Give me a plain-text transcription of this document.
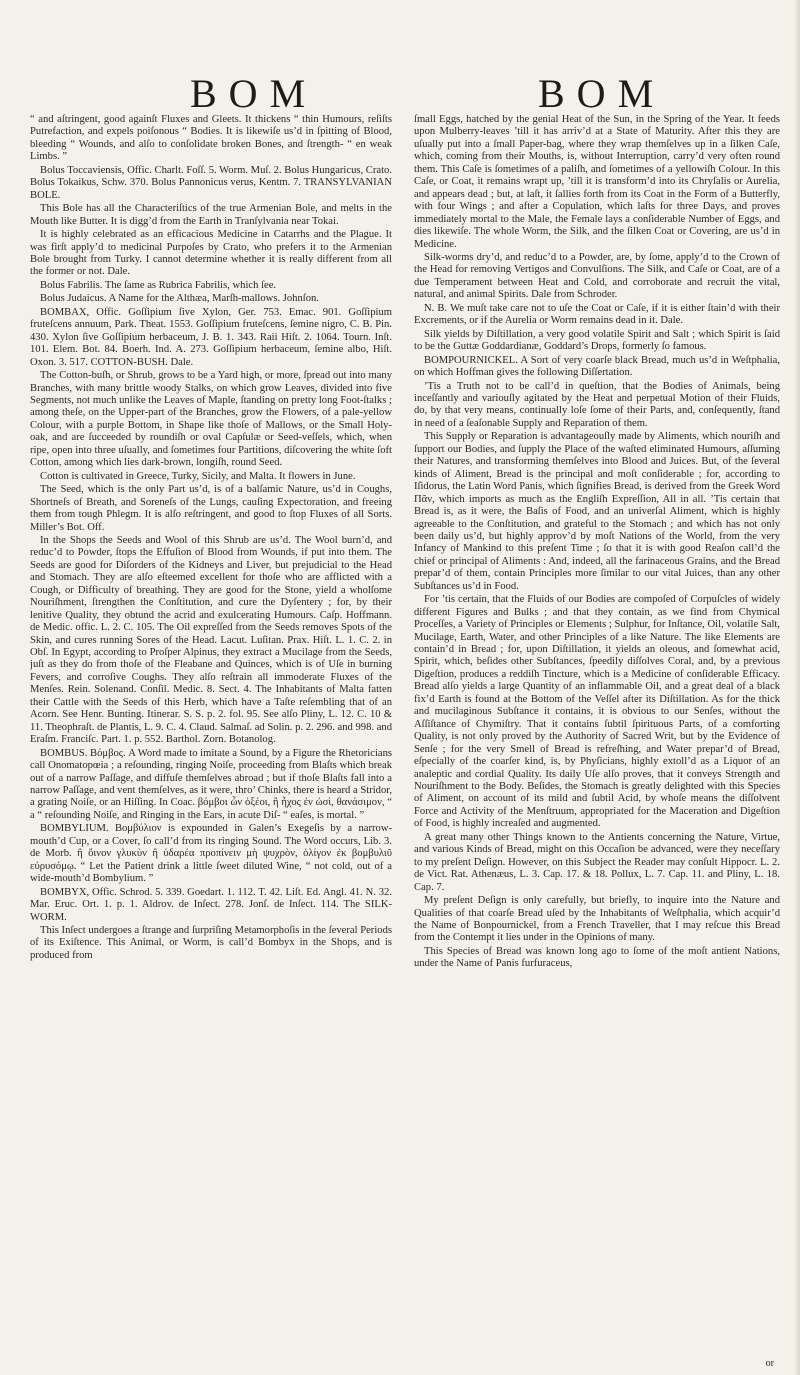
BOM	BOM

“ and aſtringent, good againſt Fluxes and Gleets. It thickens “ thin Humours, reſiſts Putrefaction, and expels poiſonous “ Bodies. It is likewiſe us’d in ſpitting of Blood, bleeding “ Wounds, and alſo to conſolidate broken Bones, and ſtrength- “ en weak Limbs. ”

Bolus Toccaviensis, Offic. Charlt. Foſſ. 5. Worm. Muſ. 2. Bolus Hungaricus, Crato. Bolus Tokaikus, Schw. 370. Bolus Pannonicus verus, Kentm. 7. TRANSYLVANIAN BOLE.

This Bole has all the Characteriſtics of the true Armenian Bole, and melts in the Mouth like Butter. It is digg’d from the Earth in Tranſylvania near Tokai.

It is highly celebrated as an efficacious Medicine in Catarrhs and the Plague. It was firſt apply’d to medicinal Purpoſes by Crato, who prefers it to the Armenian Bole brought from Turky. I cannot determine whether it is really different from all the former or not. Dale.

Bolus Fabrilis. The ſame as Rubrica Fabrilis, which ſee.

Bolus Judaicus. A Name for the Althæa, Marſh-mallows. Johnſon.

BOMBAX, Offic. Goſſipium ſive Xylon, Ger. 753. Emac. 901. Goſſipium fruteſcens annuum, Park. Theat. 1553. Goſſipium fruteſcens, ſemine nigro, C. B. Pin. 430. Xylon ſive Goſſipium herbaceum, J. B. 1. 343. Raii Hiſt. 2. 1064. Tourn. Inſt. 101. Elem. Bot. 84. Boerh. Ind. A. 273. Goſſipium herbaceum, ſemine albo, Hiſt. Oxon. 3. 517. COTTON-BUSH. Dale.

The Cotton-buſh, or Shrub, grows to be a Yard high, or more, ſpread out into many Branches, with many brittle woody Stalks, on which grow Leaves, divided into five Segments, not much unlike the Leaves of Maple, ſtanding on pretty long Foot-ſtalks ; among theſe, on the Upper-part of the Branches, grow the Flowers, of a pale-yellow Colour, with a purple Bottom, in Shape like thoſe of Mallows, or the Small Holy-oak, and are ſucceeded by roundiſh or oval Capſulæ or Seed-veſſels, which, when ripe, open into three uſually, and ſometimes four Partitions, diſcovering the white ſoft Cotton, among which lies dark-brown, longiſh, round Seed.

Cotton is cultivated in Greece, Turky, Sicily, and Malta. It flowers in June.

The Seed, which is the only Part us’d, is of a balſamic Nature, us’d in Coughs, Shortneſs of Breath, and Soreneſs of the Lungs, cauſing Expectoration, and freeing them from tough Phlegm. It is alſo reſtringent, and good to ſtop Fluxes of all Sorts. Miller’s Bot. Off.

In the Shops the Seeds and Wool of this Shrub are us’d. The Wool burn’d, and reduc’d to Powder, ſtops the Effuſion of Blood from Wounds, if put into them. The Seeds are good for Diſorders of the Kidneys and Liver, but prejudicial to the Head and Stomach. They are alſo eſteemed excellent for thoſe who are afflicted with a Cough, or Difficulty of breathing. They are good for the Stone, yield a wholſome Nouriſhment, ſtrengthen the Conſtitution, and cure the Dyſentery ; for, by their lenitive Quality, they obtund the acrid and exulcerating Humours. Caſp. Hoffmann. de Medic. offic. L. 2. C. 105. The Oil expreſſed from the Seeds removes Spots of the Skin, and cures running Sores of the Head. Lacut. Luſitan. Prax. Hiſt. L. 1. C. 2. in Obſ. In Egypt, according to Proſper Alpinus, they extract a Mucilage from the Seeds, juſt as they do from thoſe of the Fleabane and Quinces, which is of Uſe in burning Fevers, and corroſive Coughs. They alſo reſtrain all immoderate Fluxes of the Menſes. Rein. Solenand. Conſil. Medic. 8. Sect. 4. The Inhabitants of Malta fatten their Cattle with the Seeds of this Herb, which have a Taſte reſembling that of an Acorn. See Henr. Bunting. Itinerar. S. S. p. 2. fol. 95. See alſo Pliny, L. 12. C. 10 & 11. Theophraſt. de Plantis, L. 9. C. 4. Claud. Salmaſ. ad Solin. p. 2. 296. and 998. and Eraſm. Franciſc. Part. 1. p. 552. Barthol. Zorn. Botanolog.

BOMBUS. Βόμβος. A Word made to imitate a Sound, by a Figure the Rhetoricians call Onomatopœia ; a reſounding, ringing Noiſe, proceeding from Blaſts which break out of a narrow Paſſage, and diffuſe themſelves abroad ; but if thoſe Blaſts fall into a narrow Paſſage, and vent themſelves, as it were, thro’ Chinks, there is heard a Stridor, a grating Noiſe, or an Hiſſing. In Coac. βόμβοι ὦν ὀξέοι, ἢ ἦχος ἐν ὠσὶ, θανάσιμον, “ a “ reſounding Noiſe, and Ringing in the Ears, in acute Diſ- “ eaſes, is mortal. ”

BOMBYLIUM. Βομβύλιον is expounded in Galen’s Exegeſis by a narrow-mouth’d Cup, or a Cover, ſo call’d from its ringing Sound. The Word occurs, Lib. 3. de Morb. ἢ ὄινον γλυκὺν ἢ ὑδαρέα προπίνειν μὴ ψυχρὸν, ὀλίγον ἐκ βομβυλιῦ εὐρυσόμῳ. “ Let the Patient drink a little ſweet diluted Wine, “ not cold, out of a wide-mouth’d Bombylium. ”

BOMBYX, Offic. Schrod. 5. 339. Goedart. 1. 112. T. 42. Liſt. Ed. Angl. 41. N. 32. Mar. Eruc. Ort. 1. p. 1. Aldrov. de Inſect. 278. Jonſ. de Inſect. 114. The SILK-WORM.

This Inſect undergoes a ſtrange and ſurpriſing Metamorphoſis in the ſeveral Periods of its Exiſtence. This Animal, or Worm, is call’d Bombyx in the Shops, and is produced from

ſmall Eggs, hatched by the genial Heat of the Sun, in the Spring of the Year. It feeds upon Mulberry-leaves ’till it has arriv’d at a State of Maturity. After this they are uſually put into a ſmall Paper-bag, where they wrap themſelves up in a ſilken Caſe, which, coming from their Mouths, is, without Interruption, carry’d very often round them. This Caſe is ſometimes of a paliſh, and ſometimes of a yellowiſh Colour. In this Caſe, or Coat, it remains wrapt up, ’till it is transform’d into its Chryſalis or Aurelia, and appears dead ; but, at laſt, it ſallies forth from its Coat in the Form of a Butterfly, with four Wings ; and after a Copulation, which laſts for three Days, and proves immediately mortal to the Male, the Female lays a conſiderable Number of Eggs, and dies likewiſe. The whole Worm, the Silk, and the ſilken Coat or Covering, are us’d in Medicine.

Silk-worms dry’d, and reduc’d to a Powder, are, by ſome, apply’d to the Crown of the Head for removing Vertigos and Convulſions. The Silk, and Caſe or Coat, are of a due Temperament between Heat and Cold, and corroborate and recruit the vital, natural, and animal Spirits. Dale from Schroder.

N. B. We muſt take care not to uſe the Coat or Caſe, if it is either ſtain’d with their Excrements, or if the Aurelia or Worm remains dead in it. Dale.

Silk yields by Diſtillation, a very good volatile Spirit and Salt ; which Spirit is ſaid to be the Guttæ Goddardianæ, Goddard’s Drops, formerly ſo famous.

BOMPOURNICKEL. A Sort of very coarſe black Bread, much us’d in Weſtphalia, on which Hoffman gives the following Diſſertation.

’Tis a Truth not to be call’d in queſtion, that the Bodies of Animals, being inceſſantly and variouſly agitated by the Heat and perpetual Motion of their Fluids, do, by that very means, continually loſe ſome of their Parts, and, conſequently, ſtand in need of a ſeaſonable Supply and Reparation of them.

This Supply or Reparation is advantageouſly made by Aliments, which nouriſh and ſupport our Bodies, and ſupply the Place of the waſted eliminated Humours, aſſuming their Natures, and transforming themſelves into Blood and Juices. But, of the ſeveral kinds of Aliment, Bread is the principal and moſt conſiderable ; for, according to Iſidorus, the Latin Word Panis, which ſignifies Bread, is derived from the Greek Word Πᾶν, which imports as much as the Engliſh Expreſſion, All in all. ’Tis certain that Bread is, as it were, the Baſis of Food, and an univerſal Aliment, which is highly agreeable to the Conſtitution, and grateful to the Stomach ; and which has not only been daily us’d, but highly approv’d by moſt Nations of the World, from the very Infancy of Mankind to this preſent Time ; ſo that it is with good Reaſon call’d the chief or principal of Aliments : And, indeed, all the farinaceous Grains, and the Bread prepar’d of them, contain Principles more ſimilar to our vital Juices, than any other Subſtances us’d in Food.

For ’tis certain, that the Fluids of our Bodies are compoſed of Corpuſcles of widely different Figures and Bulks ; and that they contain, as we find from Chymical Proceſſes, a Variety of Principles or Elements ; Sulphur, for Inſtance, Oil, volatile Salt, Mucilage, Earth, Water, and other Principles of a like Nature. The like Elements are contain’d in Bread ; for, upon Diſtillation, it yields an oleous, and ſomewhat acid, Spirit, which, beſides other Subſtances, ſpeedily diſſolves Coral, and, by a previous Digeſtion, produces a reddiſh Tincture, which is a Medicine of conſiderable Efficacy. Bread alſo yields a large Quantity of an inflammable Oil, and a great deal of a black fix’d Earth is found at the Bottom of the Veſſel after its Diſtillation. As for the thick and mucilaginous Subſtance it contains, it is obvious to our Senſes, without the Aſſiſtance of Chymiſtry. That it contains ſubtil ſpirituous Parts, of a comforting Quality, is not only proved by the Authority of Sacred Writ, but by the Evidence of Senſe ; for the very Smell of Bread is refreſhing, and Water prepar’d of Bread, eſpecially of the coarſer kind, is, by Phyſicians, highly extoll’d as a Liquor of an analeptic and cordial Quality. Its daily Uſe alſo proves, that it conveys Strength and Nouriſhment to the Body. Beſides, the Stomach is greatly delighted with this Species of Aliment, on account of its mild and ſubtil Acid, by whoſe means the diſſolvent Force and Activity of the Menſtruum, appropriated for the Maceration and Digeſtion of Food, is highly increaſed and augmented.

A great many other Things known to the Antients concerning the Nature, Virtue, and various Kinds of Bread, might on this Occaſion be advanced, were they neceſſary to my preſent Deſign. However, on this Subject the Reader may conſult Hippocr. L. 2. de Vict. Rat. Athenæus, L. 3. Cap. 17. & 18. Pollux, L. 7. Cap. 11. and Pliny, L. 18. Cap. 7.

My preſent Deſign is only carefully, but briefly, to inquire into the Nature and Qualities of that coarſe Bread uſed by the Inhabitants of Weſtphalia, which acquir’d the Name of Bonpournickel, from a French Traveller, that I may reſcue this Bread from the Contempt it lies under in the Opinions of many.

This Species of Bread was known long ago to ſome of the moſt antient Nations, under the Name of Panis furfuraceus,

or
